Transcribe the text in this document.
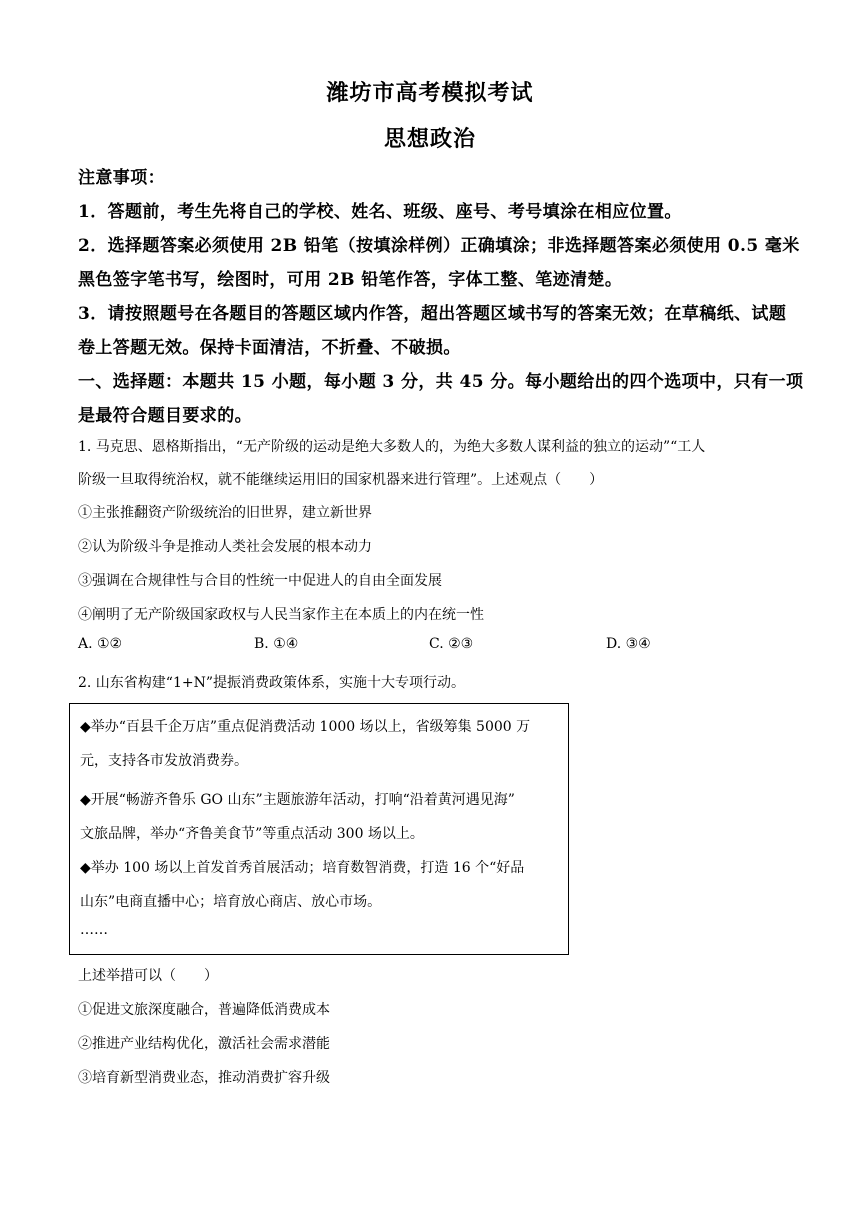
潍坊市高考模拟考试
思想政治
注意事项：
1．答题前，考生先将自己的学校、姓名、班级、座号、考号填涂在相应位置。
2．选择题答案必须使用 2B 铅笔（按填涂样例）正确填涂；非选择题答案必须使用 0.5 毫米
黑色签字笔书写，绘图时，可用 2B 铅笔作答，字体工整、笔迹清楚。
3．请按照题号在各题目的答题区域内作答，超出答题区域书写的答案无效；在草稿纸、试题
卷上答题无效。保持卡面清洁，不折叠、不破损。
一、选择题：本题共 15 小题，每小题 3 分，共 45 分。每小题给出的四个选项中，只有一项
是最符合题目要求的。
1. 马克思、恩格斯指出，“无产阶级的运动是绝大多数人的，为绝大多数人谋利益的独立的运动”“工人
阶级一旦取得统治权，就不能继续运用旧的国家机器来进行管理”。上述观点（　　）
①主张推翻资产阶级统治的旧世界，建立新世界
②认为阶级斗争是推动人类社会发展的根本动力
③强调在合规律性与合目的性统一中促进人的自由全面发展
④阐明了无产阶级国家政权与人民当家作主在本质上的内在统一性
A. ①②	B. ①④	C. ②③	D. ③④
2. 山东省构建“1+N”提振消费政策体系，实施十大专项行动。
◆举办“百县千企万店”重点促消费活动 1000 场以上，省级筹集 5000 万
元，支持各市发放消费券。
◆开展“畅游齐鲁乐 GO 山东”主题旅游年活动，打响“沿着黄河遇见海”
文旅品牌，举办“齐鲁美食节”等重点活动 300 场以上。
◆举办 100 场以上首发首秀首展活动；培育数智消费，打造 16 个“好品
山东”电商直播中心；培育放心商店、放心市场。
……
上述举措可以（　　）
①促进文旅深度融合，普遍降低消费成本
②推进产业结构优化，激活社会需求潜能
③培育新型消费业态，推动消费扩容升级
